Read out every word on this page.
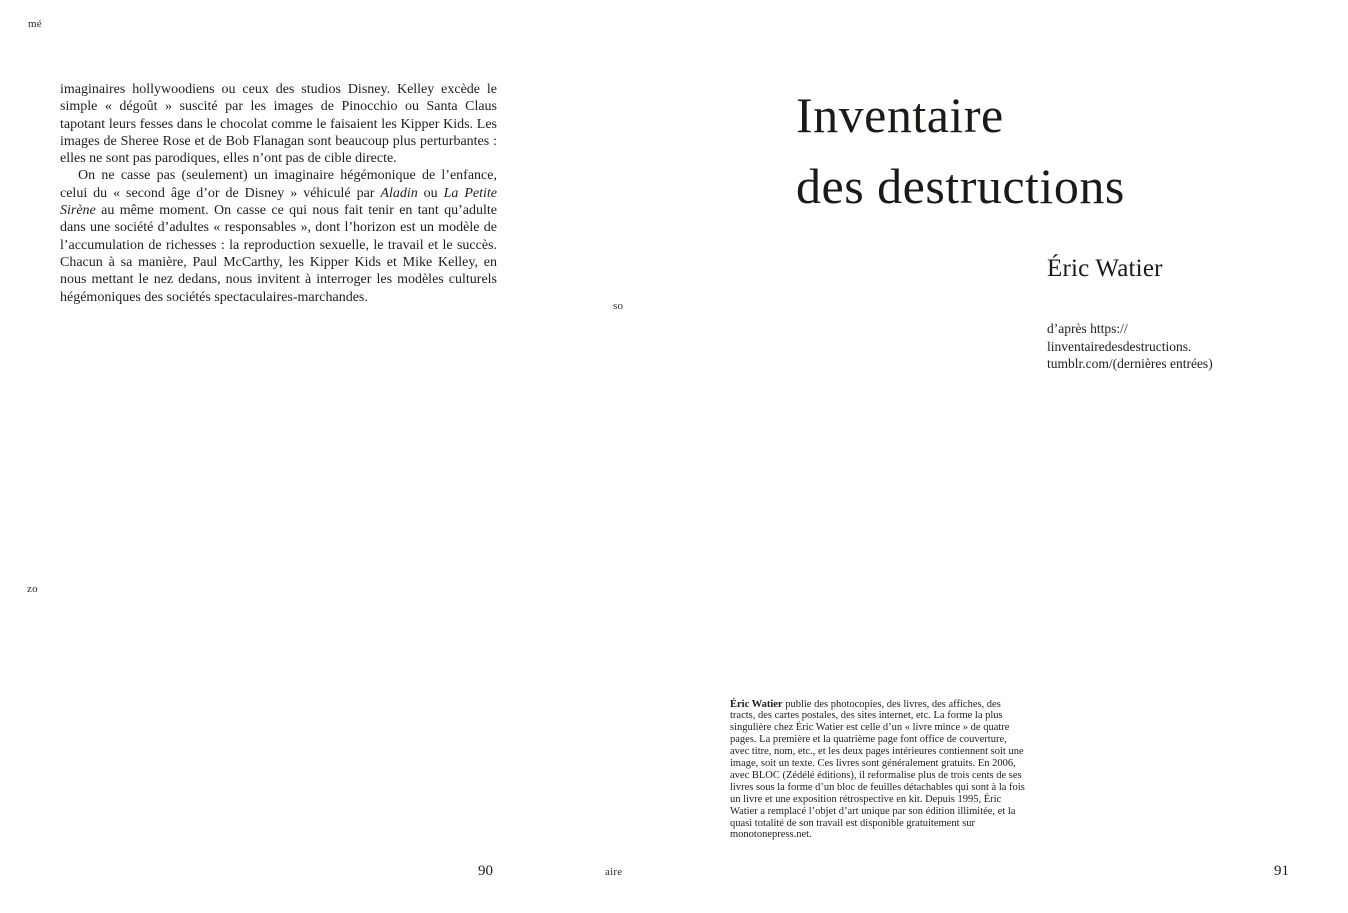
mé
so
zo
aire

imaginaires hollywoodiens ou ceux des studios Disney. Kelley excède le simple « dégoût » suscité par les images de Pinocchio ou Santa Claus tapotant leurs fesses dans le chocolat comme le faisaient les Kipper Kids. Les images de Sheree Rose et de Bob Flanagan sont beaucoup plus perturbantes : elles ne sont pas parodiques, elles n’ont pas de cible directe.

On ne casse pas (seulement) un imaginaire hégémonique de l’enfance, celui du « second âge d’or de Disney » véhiculé par Aladin ou La Petite Sirène au même moment. On casse ce qui nous fait tenir en tant qu’adulte dans une société d’adultes « responsables », dont l’horizon est un modèle de l’accumulation de richesses : la reproduction sexuelle, le travail et le succès. Chacun à sa manière, Paul McCarthy, les Kipper Kids et Mike Kelley, en nous mettant le nez dedans, nous invitent à interroger les modèles culturels hégémoniques des sociétés spectaculaires-marchandes.

Inventaire
des destructions
Éric Watier
d’après https://
linventairedesdestructions.
tumblr.com/(dernières entrées)

Éric Watier publie des photocopies, des livres, des affiches, des tracts, des cartes postales, des sites internet, etc. La forme la plus singulière chez Éric Watier est celle d’un « livre mince » de quatre pages. La première et la quatrième page font office de couverture, avec titre, nom, etc., et les deux pages intérieures contiennent soit une image, soit un texte. Ces livres sont généralement gratuits. En 2006, avec BLOC (Zédélé éditions), il reformalise plus de trois cents de ses livres sous la forme d’un bloc de feuilles détachables qui sont à la fois un livre et une exposition rétrospective en kit. Depuis 1995, Éric Watier a remplacé l’objet d’art unique par son édition illimitée, et la quasi totalité de son travail est disponible gratuitement sur monotonepress.net.

90	91
